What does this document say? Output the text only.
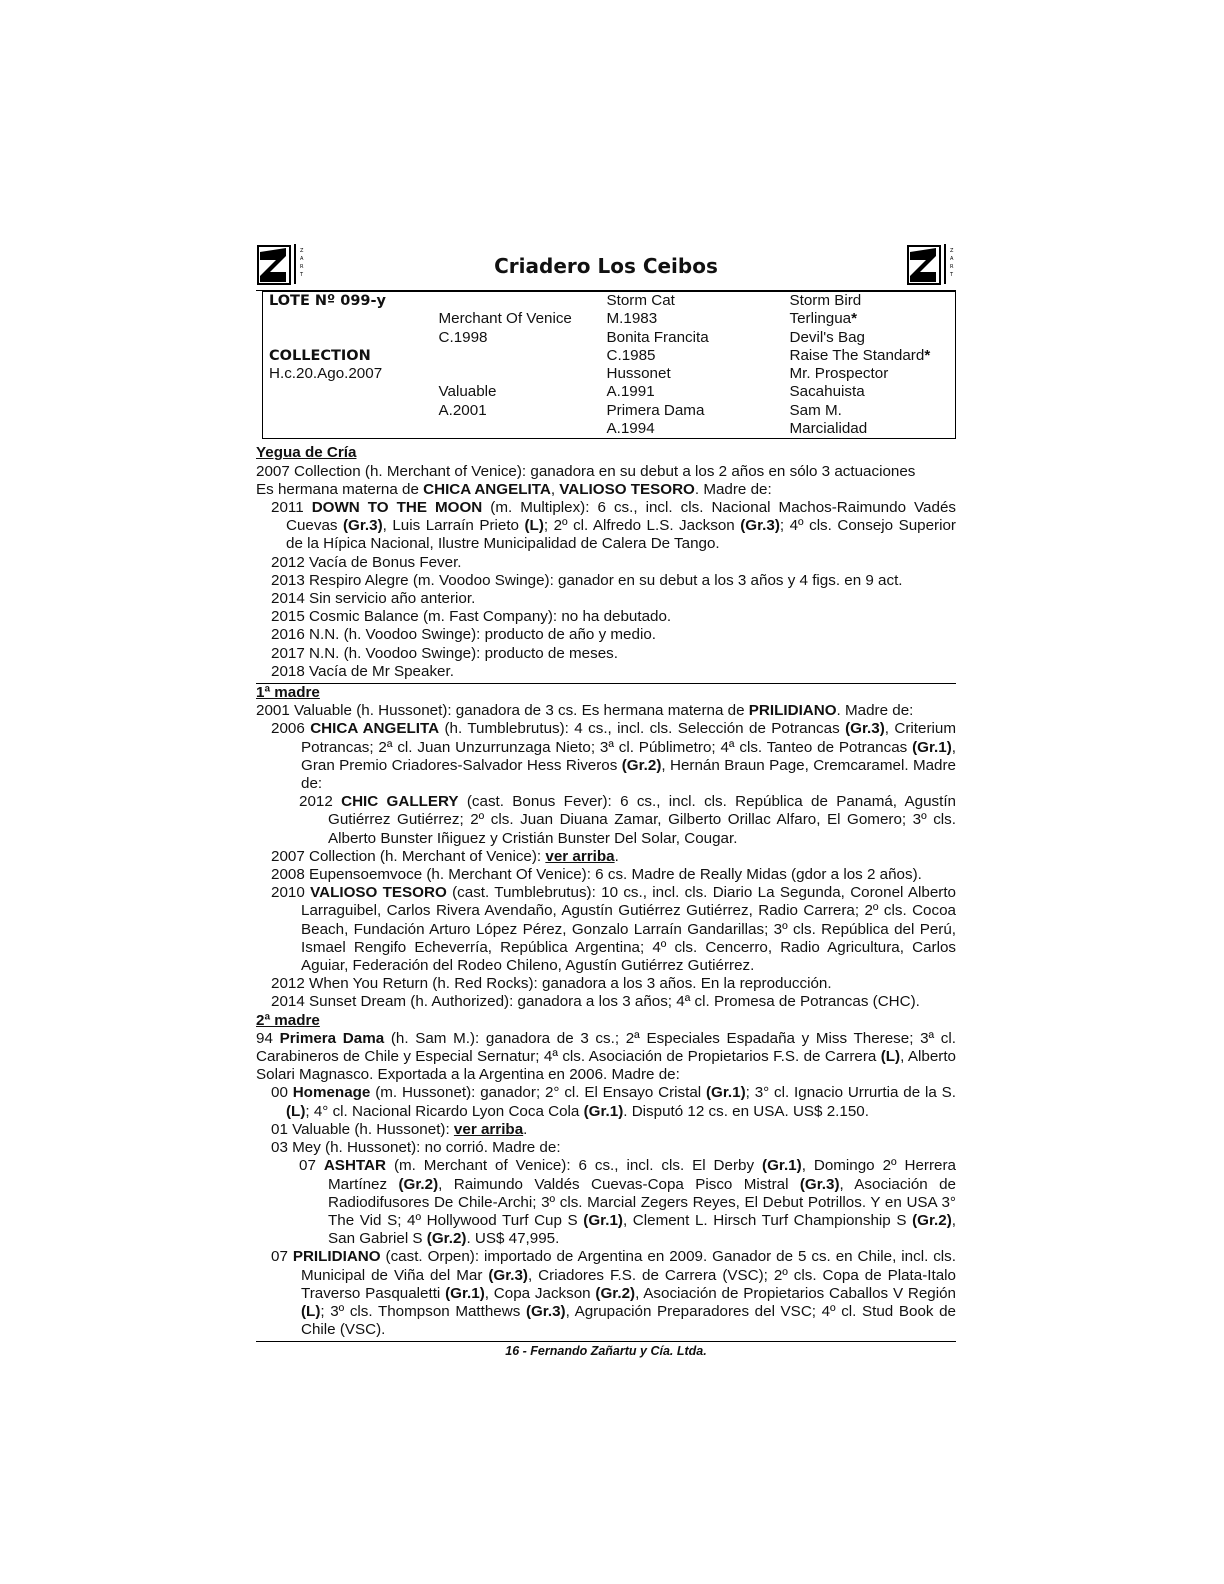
Z
A
R
T	Criadero Los Ceibos
Z
A
R
T
LOTE Nº 099-y		Storm Cat	Storm Bird
	Merchant Of Venice	M.1983	Terlingua*
	C.1998	Bonita Francita	Devil's Bag
COLLECTION		C.1985	Raise The Standard*
H.c.20.Ago.2007		Hussonet	Mr. Prospector
	Valuable	A.1991	Sacahuista
	A.2001	Primera Dama	Sam M.
		A.1994	Marcialidad

Yegua de Cría

2007 Collection (h. Merchant of Venice): ganadora en su debut a los 2 años en sólo 3 actuaciones

Es hermana materna de CHICA ANGELITA, VALIOSO TESORO. Madre de:

2011 DOWN TO THE MOON (m. Multiplex): 6 cs., incl. cls. Nacional Machos-Raimundo Vadés Cuevas (Gr.3), Luis Larraín Prieto (L); 2º cl. Alfredo L.S. Jackson (Gr.3); 4º cls. Consejo Superior de la Hípica Nacional, Ilustre Municipalidad de Calera De Tango.

2012 Vacía de Bonus Fever.

2013 Respiro Alegre (m. Voodoo Swinge): ganador en su debut a los 3 años y 4 figs. en 9 act.

2014 Sin servicio año anterior.

2015 Cosmic Balance (m. Fast Company): no ha debutado.

2016 N.N. (h. Voodoo Swinge): producto de año y medio.

2017 N.N. (h. Voodoo Swinge): producto de meses.

2018 Vacía de Mr Speaker.

1ª madre

2001 Valuable (h. Hussonet): ganadora de 3 cs. Es hermana materna de PRILIDIANO. Madre de:

2006 CHICA ANGELITA (h. Tumblebrutus): 4 cs., incl. cls. Selección de Potrancas (Gr.3), Criterium Potrancas; 2ª cl. Juan Unzurrunzaga Nieto; 3ª cl. Públimetro; 4ª cls. Tanteo de Potrancas (Gr.1), Gran Premio Criadores-Salvador Hess Riveros (Gr.2), Hernán Braun Page, Cremcaramel. Madre de:

2012 CHIC GALLERY (cast. Bonus Fever): 6 cs., incl. cls. República de Panamá, Agustín Gutiérrez Gutiérrez; 2º cls. Juan Diuana Zamar, Gilberto Orillac Alfaro, El Gomero; 3º cls. Alberto Bunster Iñiguez y Cristián Bunster Del Solar, Cougar.

2007 Collection (h. Merchant of Venice): ver arriba.

2008 Eupensoemvoce (h. Merchant Of Venice): 6 cs. Madre de Really Midas (gdor a los 2 años).

2010 VALIOSO TESORO (cast. Tumblebrutus): 10 cs., incl. cls. Diario La Segunda, Coronel Alberto Larraguibel, Carlos Rivera Avendaño, Agustín Gutiérrez Gutiérrez, Radio Carrera; 2º cls. Cocoa Beach, Fundación Arturo López Pérez, Gonzalo Larraín Gandarillas; 3º cls. República del Perú, Ismael Rengifo Echeverría, República Argentina; 4º cls. Cencerro, Radio Agricultura, Carlos Aguiar, Federación del Rodeo Chileno, Agustín Gutiérrez Gutiérrez.

2012 When You Return (h. Red Rocks): ganadora a los 3 años. En la reproducción.

2014 Sunset Dream (h. Authorized): ganadora a los 3 años; 4ª cl. Promesa de Potrancas (CHC).

2ª madre

94 Primera Dama (h. Sam M.): ganadora de 3 cs.; 2ª Especiales Espadaña y Miss Therese; 3ª cl. Carabineros de Chile y Especial Sernatur; 4ª cls. Asociación de Propietarios F.S. de Carrera (L), Alberto Solari Magnasco. Exportada a la Argentina en 2006. Madre de:

00 Homenage (m. Hussonet): ganador; 2° cl. El Ensayo Cristal (Gr.1); 3° cl. Ignacio Urrurtia de la S. (L); 4° cl. Nacional Ricardo Lyon Coca Cola (Gr.1). Disputó 12 cs. en USA. US$ 2.150.

01 Valuable (h. Hussonet): ver arriba.

03 Mey (h. Hussonet): no corrió. Madre de:

07 ASHTAR (m. Merchant of Venice): 6 cs., incl. cls. El Derby (Gr.1), Domingo 2º Herrera Martínez (Gr.2), Raimundo Valdés Cuevas-Copa Pisco Mistral (Gr.3), Asociación de Radiodifusores De Chile-Archi; 3º cls. Marcial Zegers Reyes, El Debut Potrillos. Y en USA 3° The Vid S; 4º Hollywood Turf Cup S (Gr.1), Clement L. Hirsch Turf Championship S (Gr.2), San Gabriel S (Gr.2). US$ 47,995.

07 PRILIDIANO (cast. Orpen): importado de Argentina en 2009. Ganador de 5 cs. en Chile, incl. cls. Municipal de Viña del Mar (Gr.3), Criadores F.S. de Carrera (VSC); 2º cls. Copa de Plata-Italo Traverso Pasqualetti (Gr.1), Copa Jackson (Gr.2), Asociación de Propietarios Caballos V Región (L); 3º cls. Thompson Matthews (Gr.3), Agrupación Preparadores del VSC; 4º cl. Stud Book de Chile (VSC).

16 - Fernando Zañartu y Cía. Ltda.
